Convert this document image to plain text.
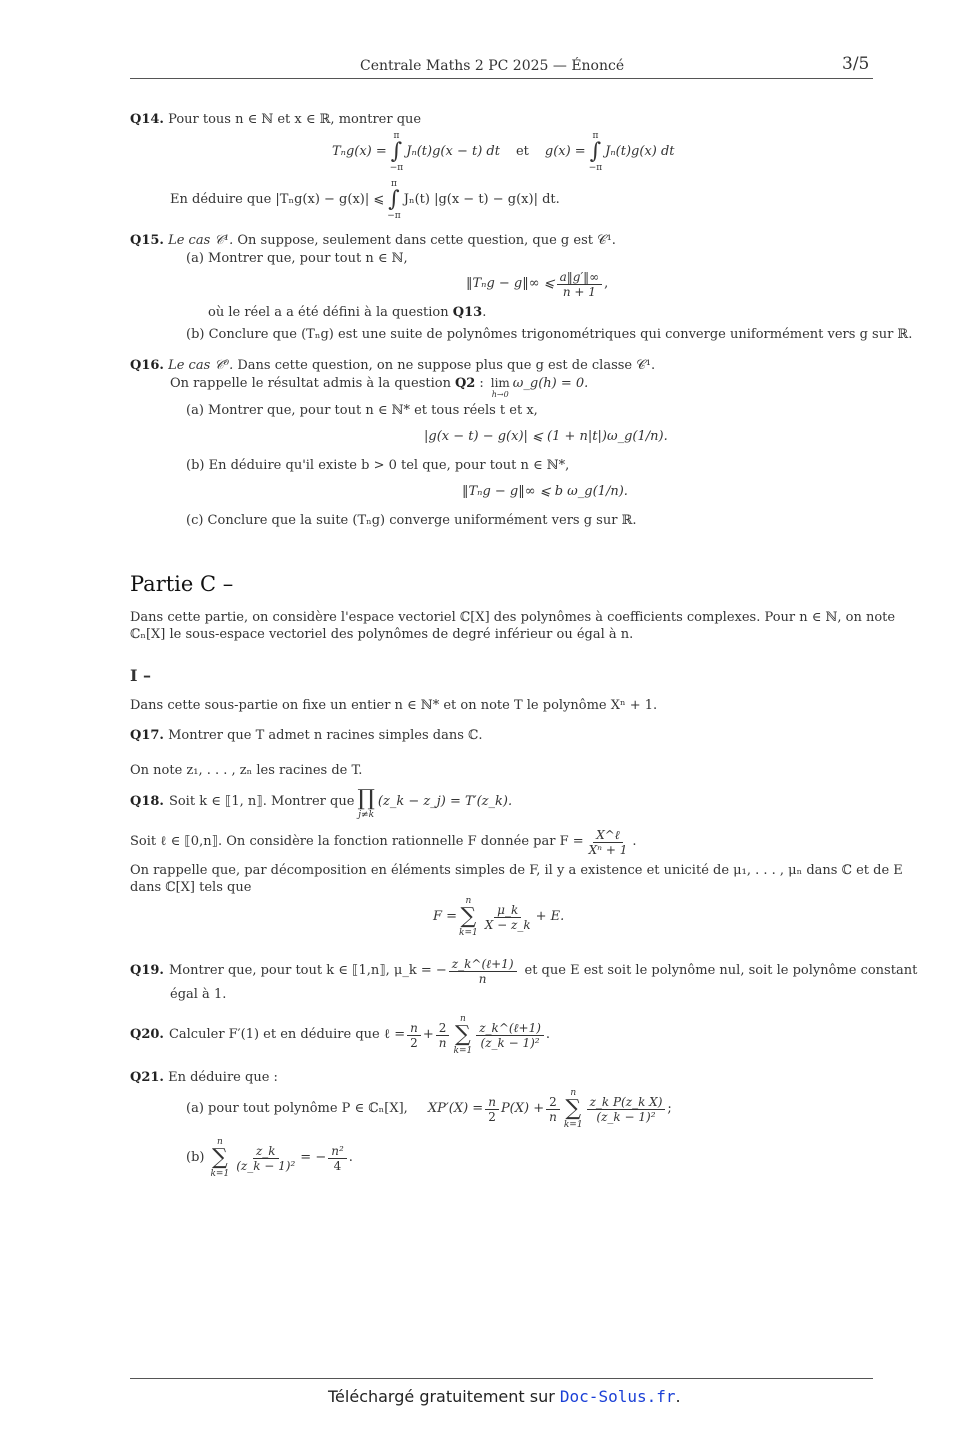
Centrale Maths 2 PC 2025 — Énoncé	3/5
Q14. Pour tous n ∈ ℕ et x ∈ ℝ, montrer que
Tₙg(x) =
π
∫
−π
Jₙ(t)g(x − t) dt et g(x) =
π
∫
−π
Jₙ(t)g(x) dt
En déduire que |Tₙg(x) − g(x)| ⩽
π
∫
−π
Jₙ(t) |g(x − t) − g(x)| dt.
Q15. Le cas 𝒞¹. On suppose, seulement dans cette question, que g est 𝒞¹.
(a) Montrer que, pour tout n ∈ ℕ,
‖Tₙg − g‖∞ ⩽ $\frac{a‖g'‖\infty}{n + 1}$ ,
où le réel a a été défini à la question Q13.
(b) Conclure que (Tₙg) est une suite de polynômes trigonométriques qui converge uniformément vers g sur ℝ.
Q16. Le cas 𝒞⁰. Dans cette question, on ne suppose plus que g est de classe 𝒞¹.
On rappelle le résultat admis à la question Q2 : lim
h→0
ω_g(h) = 0.
(a) Montrer que, pour tout n ∈ ℕ* et tous réels t et x,
|g(x − t) − g(x)| ⩽ (1 + n|t|)ω_g(1/n).
(b) En déduire qu'il existe b > 0 tel que, pour tout n ∈ ℕ*,
‖Tₙg − g‖∞ ⩽ b ω_g(1/n).
(c) Conclure que la suite (Tₙg) converge uniformément vers g sur ℝ.
Partie C –
Dans cette partie, on considère l'espace vectoriel ℂ[X] des polynômes à coefficients complexes. Pour n ∈ ℕ, on note
ℂₙ[X] le sous-espace vectoriel des polynômes de degré inférieur ou égal à n.
I –
Dans cette sous-partie on fixe un entier n ∈ ℕ* et on note T le polynôme Xⁿ + 1.
Q17. Montrer que T admet n racines simples dans ℂ.
On note z₁, . . . , zₙ les racines de T.
Q18. Soit k ∈ ⟦1, n⟧. Montrer que ∏
j≠k
(z_k − z_j) = T′(z_k).
Soit ℓ ∈ ⟦0,n⟧. On considère la fonction rationnelle F donnée par $F = \frac{\text{X\textasciicircum{}ℓ}}{\text{Xⁿ + 1}}$ .
On rappelle que, par décomposition en éléments simples de F, il y a existence et unicité de μ₁, . . . , μₙ dans ℂ et de E
dans ℂ[X] tels que
F =
n
∑
k=1
$\frac{\mu\_k}{X - z\_k} + E$.
Q19. Montrer que, pour tout k ∈ ⟦1,n⟧, μ_k = − $\frac{\text{z\_k\textasciicircum{}(ℓ+1)}}{n}$ et que E est soit le polynôme nul, soit le polynôme constant
égal à 1.
Q20. Calculer F′(1) et en déduire que ℓ = $\frac{n}{2} + \frac{2}{n}$
n
∑
k=1
$\frac{\text{z\_k\textasciicircum{}(ℓ+1)}}{\text{(z\_k − 1)²}}$ .
Q21. En déduire que :
(a) pour tout polynôme P ∈ ℂₙ[X], $XP'(X) = \frac{n}{2} P(X) + \frac{2}{n}$
n
∑
k=1
$\frac{\text{z\_k P(z\_k X)}}{\text{(z\_k − 1)²}}$ ;
(b)
n
∑
k=1
$\frac{z\_k}{\text{(z\_k − 1)²}}$ = − $\frac{\text{n²}}{4}$ .
Téléchargé gratuitement sur Doc-Solus.fr.
